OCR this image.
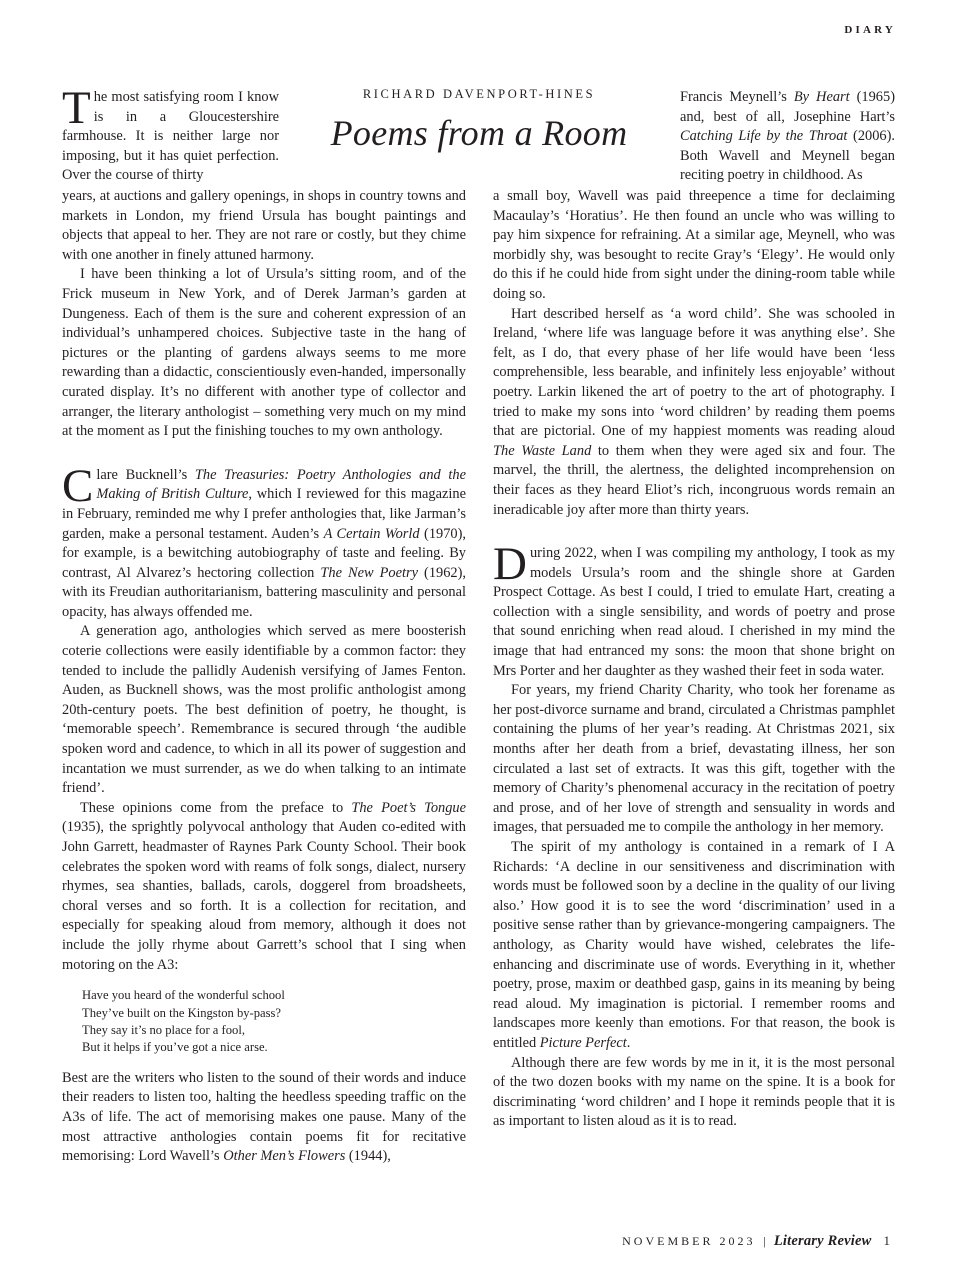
DIARY
RICHARD DAVENPORT-HINES
Poems from a Room

The most satisfying room I know is in a Gloucestershire farmhouse. It is neither large nor imposing, but it has quiet perfection. Over the course of thirty

years, at auctions and gallery openings, in shops in country towns and markets in London, my friend Ursula has bought paintings and objects that appeal to her. They are not rare or costly, but they chime with one another in finely attuned harmony.

I have been thinking a lot of Ursula’s sitting room, and of the Frick museum in New York, and of Derek Jarman’s garden at Dungeness. Each of them is the sure and coherent expression of an individual’s unhampered choices. Subjective taste in the hang of pictures or the planting of gardens always seems to me more rewarding than a didactic, conscientiously even-handed, impersonally curated display. It’s no different with another type of collector and arranger, the literary anthologist – something very much on my mind at the moment as I put the finishing touches to my own anthology.

Clare Bucknell’s The Treasuries: Poetry Anthologies and the Making of British Culture, which I reviewed for this magazine in February, reminded me why I prefer anthologies that, like Jarman’s garden, make a personal testament. Auden’s A Certain World (1970), for example, is a bewitching autobiography of taste and feeling. By contrast, Al Alvarez’s hectoring collection The New Poetry (1962), with its Freudian authoritarianism, battering masculinity and personal opacity, has always offended me.

A generation ago, anthologies which served as mere boosterish coterie collections were easily identifiable by a common factor: they tended to include the pallidly Audenish versifying of James Fenton. Auden, as Bucknell shows, was the most prolific anthologist among 20th-century poets. The best definition of poetry, he thought, is ‘memorable speech’. Remembrance is secured through ‘the audible spoken word and cadence, to which in all its power of suggestion and incantation we must surrender, as we do when talking to an intimate friend’.

These opinions come from the preface to The Poet’s Tongue (1935), the sprightly polyvocal anthology that Auden co-edited with John Garrett, headmaster of Raynes Park County School. Their book celebrates the spoken word with reams of folk songs, dialect, nursery rhymes, sea shanties, ballads, carols, doggerel from broadsheets, choral verses and so forth. It is a collection for recitation, and especially for speaking aloud from memory, although it does not include the jolly rhyme about Garrett’s school that I sing when motoring on the A3:

Have you heard of the wonderful school
They’ve built on the Kingston by-pass?
They say it’s no place for a fool,
But it helps if you’ve got a nice arse.

Best are the writers who listen to the sound of their words and induce their readers to listen too, halting the heedless speeding traffic on the A3s of life. The act of memorising makes one pause. Many of the most attractive anthologies contain poems fit for recitative memorising: Lord Wavell’s Other Men’s Flowers (1944),

Francis Meynell’s By Heart (1965) and, best of all, Josephine Hart’s Catching Life by the Throat (2006). Both Wavell and Meynell began reciting poetry in childhood. As

a small boy, Wavell was paid threepence a time for declaiming Macaulay’s ‘Horatius’. He then found an uncle who was willing to pay him sixpence for refraining. At a similar age, Meynell, who was morbidly shy, was besought to recite Gray’s ‘Elegy’. He would only do this if he could hide from sight under the dining-room table while doing so.

Hart described herself as ‘a word child’. She was schooled in Ireland, ‘where life was language before it was anything else’. She felt, as I do, that every phase of her life would have been ‘less comprehensible, less bearable, and infinitely less enjoyable’ without poetry. Larkin likened the art of poetry to the art of photography. I tried to make my sons into ‘word children’ by reading them poems that are pictorial. One of my happiest moments was reading aloud The Waste Land to them when they were aged six and four. The marvel, the thrill, the alertness, the delighted incomprehension on their faces as they heard Eliot’s rich, incongruous words remain an ineradicable joy after more than thirty years.

During 2022, when I was compiling my anthology, I took as my models Ursula’s room and the shingle shore at Garden Prospect Cottage. As best I could, I tried to emulate Hart, creating a collection with a single sensibility, and words of poetry and prose that sound enriching when read aloud. I cherished in my mind the image that had entranced my sons: the moon that shone bright on Mrs Porter and her daughter as they washed their feet in soda water.

For years, my friend Charity Charity, who took her forename as her post-divorce surname and brand, circulated a Christmas pamphlet containing the plums of her year’s reading. At Christmas 2021, six months after her death from a brief, devastating illness, her son circulated a last set of extracts. It was this gift, together with the memory of Charity’s phenomenal accuracy in the recitation of poetry and prose, and of her love of strength and sensuality in words and images, that persuaded me to compile the anthology in her memory.

The spirit of my anthology is contained in a remark of I A Richards: ‘A decline in our sensitiveness and discrimination with words must be followed soon by a decline in the quality of our living also.’ How good it is to see the word ‘discrimination’ used in a positive sense rather than by grievance-mongering campaigners. The anthology, as Charity would have wished, celebrates the life-enhancing and discriminate use of words. Everything in it, whether poetry, prose, maxim or deathbed gasp, gains in its meaning by being read aloud. My imagination is pictorial. I remember rooms and landscapes more keenly than emotions. For that reason, the book is entitled Picture Perfect.

Although there are few words by me in it, it is the most personal of the two dozen books with my name on the spine. It is a book for discriminating ‘word children’ and I hope it reminds people that it is as important to listen aloud as it is to read.

NOVEMBER 2023 | Literary Review 1
